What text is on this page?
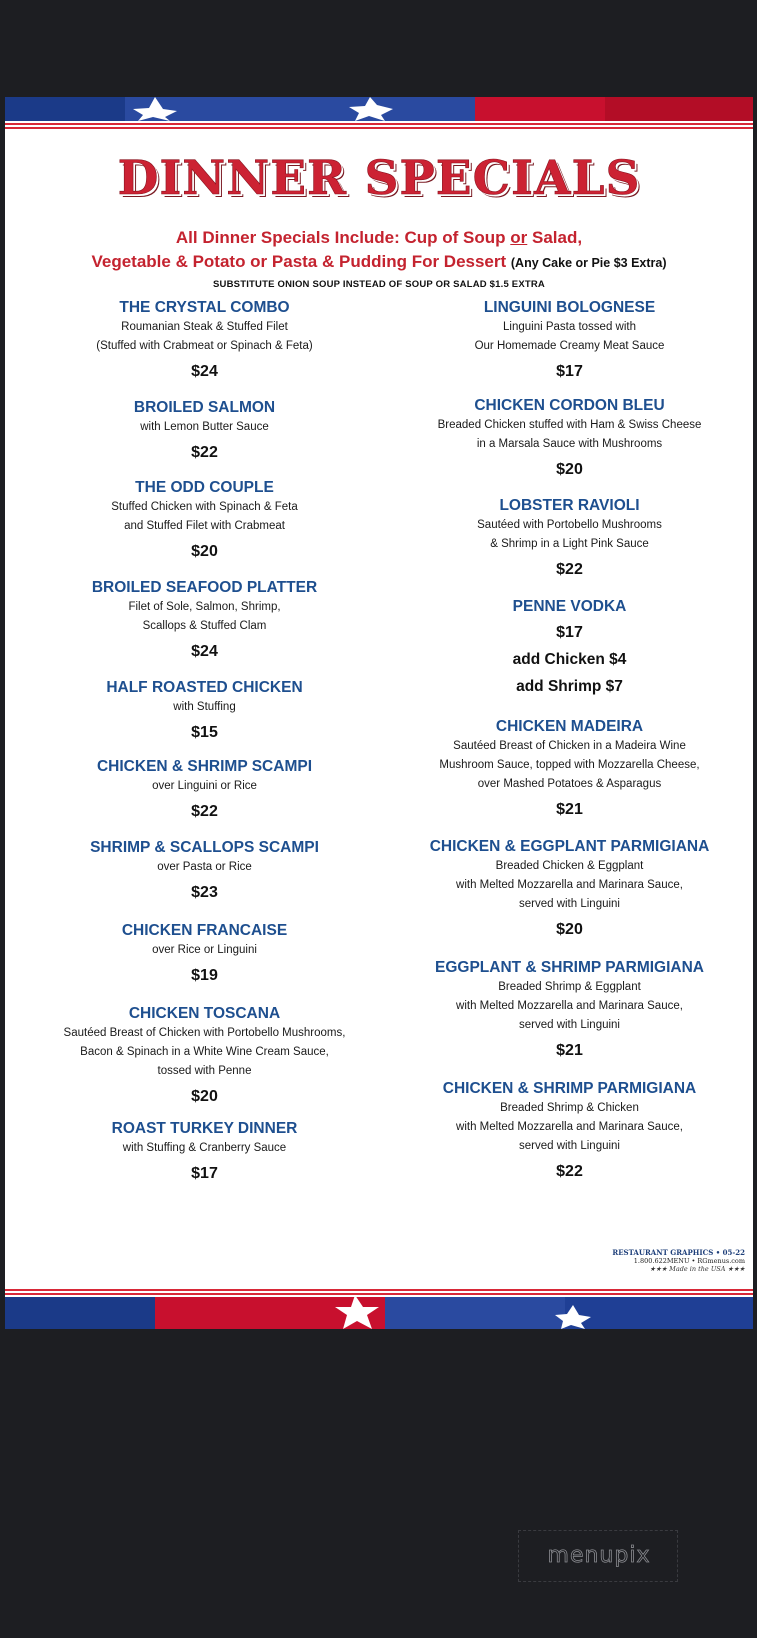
DINNER SPECIALS
All Dinner Specials Include: Cup of Soup or Salad,
Vegetable & Potato or Pasta & Pudding For Dessert (Any Cake or Pie $3 Extra)
SUBSTITUTE ONION SOUP INSTEAD OF SOUP OR SALAD $1.5 EXTRA
THE CRYSTAL COMBO
Roumanian Steak & Stuffed Filet
(Stuffed with Crabmeat or Spinach & Feta)
$24
BROILED SALMON
with Lemon Butter Sauce
$22
THE ODD COUPLE
Stuffed Chicken with Spinach & Feta
and Stuffed Filet with Crabmeat
$20
BROILED SEAFOOD PLATTER
Filet of Sole, Salmon, Shrimp,
Scallops & Stuffed Clam
$24
HALF ROASTED CHICKEN
with Stuffing
$15
CHICKEN & SHRIMP SCAMPI
over Linguini or Rice
$22
SHRIMP & SCALLOPS SCAMPI
over Pasta or Rice
$23
CHICKEN FRANCAISE
over Rice or Linguini
$19
CHICKEN TOSCANA
Sautéed Breast of Chicken with Portobello Mushrooms,
Bacon & Spinach in a White Wine Cream Sauce,
tossed with Penne
$20
ROAST TURKEY DINNER
with Stuffing & Cranberry Sauce
$17
LINGUINI BOLOGNESE
Linguini Pasta tossed with
Our Homemade Creamy Meat Sauce
$17
CHICKEN CORDON BLEU
Breaded Chicken stuffed with Ham & Swiss Cheese
in a Marsala Sauce with Mushrooms
$20
LOBSTER RAVIOLI
Sautéed with Portobello Mushrooms
& Shrimp in a Light Pink Sauce
$22
PENNE VODKA
$17
add Chicken $4
add Shrimp $7
CHICKEN MADEIRA
Sautéed Breast of Chicken in a Madeira Wine
Mushroom Sauce, topped with Mozzarella Cheese,
over Mashed Potatoes & Asparagus
$21
CHICKEN & EGGPLANT PARMIGIANA
Breaded Chicken & Eggplant
with Melted Mozzarella and Marinara Sauce,
served with Linguini
$20
EGGPLANT & SHRIMP PARMIGIANA
Breaded Shrimp & Eggplant
with Melted Mozzarella and Marinara Sauce,
served with Linguini
$21
CHICKEN & SHRIMP PARMIGIANA
Breaded Shrimp & Chicken
with Melted Mozzarella and Marinara Sauce,
served with Linguini
$22
RESTAURANT GRAPHICS • 05-22
1.800.622MENU • RGmenus.com
★★★ Made in the USA ★★★
menupix
